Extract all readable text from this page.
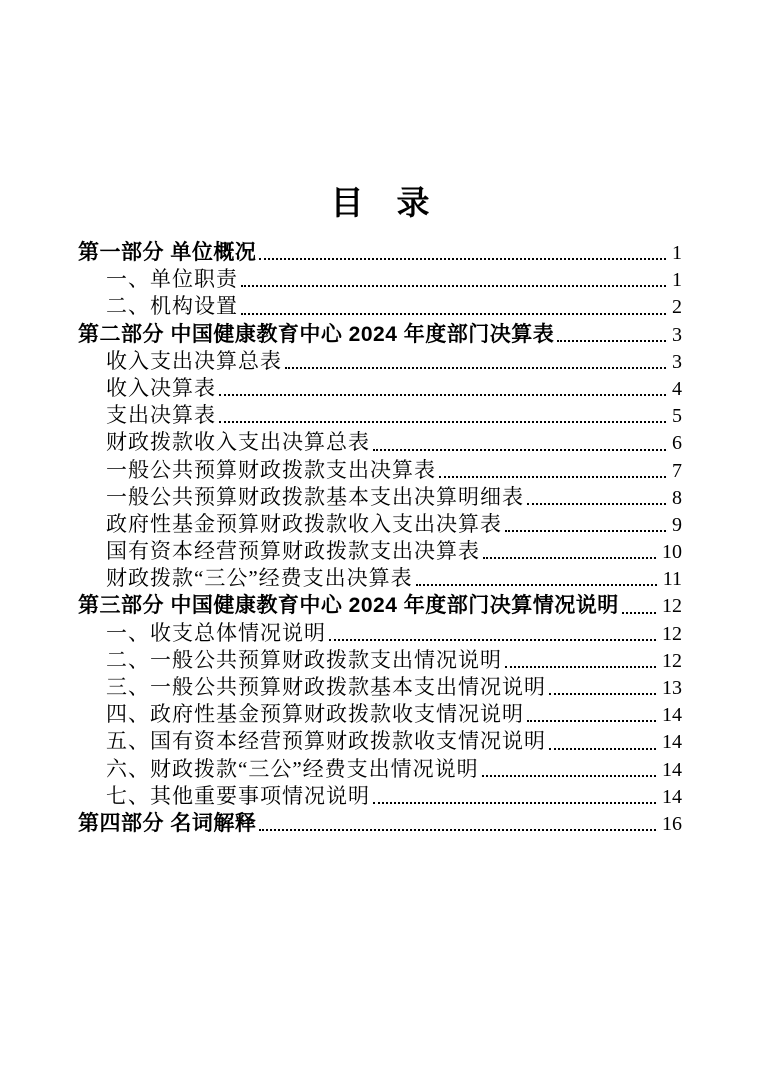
目　录
第一部分 单位概况	1
一、单位职责	1
二、机构设置	2
第二部分 中国健康教育中心 2024 年度部门决算表	3
收入支出决算总表	3
收入决算表	4
支出决算表	5
财政拨款收入支出决算总表	6
一般公共预算财政拨款支出决算表	7
一般公共预算财政拨款基本支出决算明细表	8
政府性基金预算财政拨款收入支出决算表	9
国有资本经营预算财政拨款支出决算表	10
财政拨款“三公”经费支出决算表	11
第三部分 中国健康教育中心 2024 年度部门决算情况说明 12
一、收支总体情况说明	12
二、一般公共预算财政拨款支出情况说明	12
三、一般公共预算财政拨款基本支出情况说明	13
四、政府性基金预算财政拨款收支情况说明	14
五、国有资本经营预算财政拨款收支情况说明	14
六、财政拨款“三公”经费支出情况说明	14
七、其他重要事项情况说明	14
第四部分 名词解释	16
